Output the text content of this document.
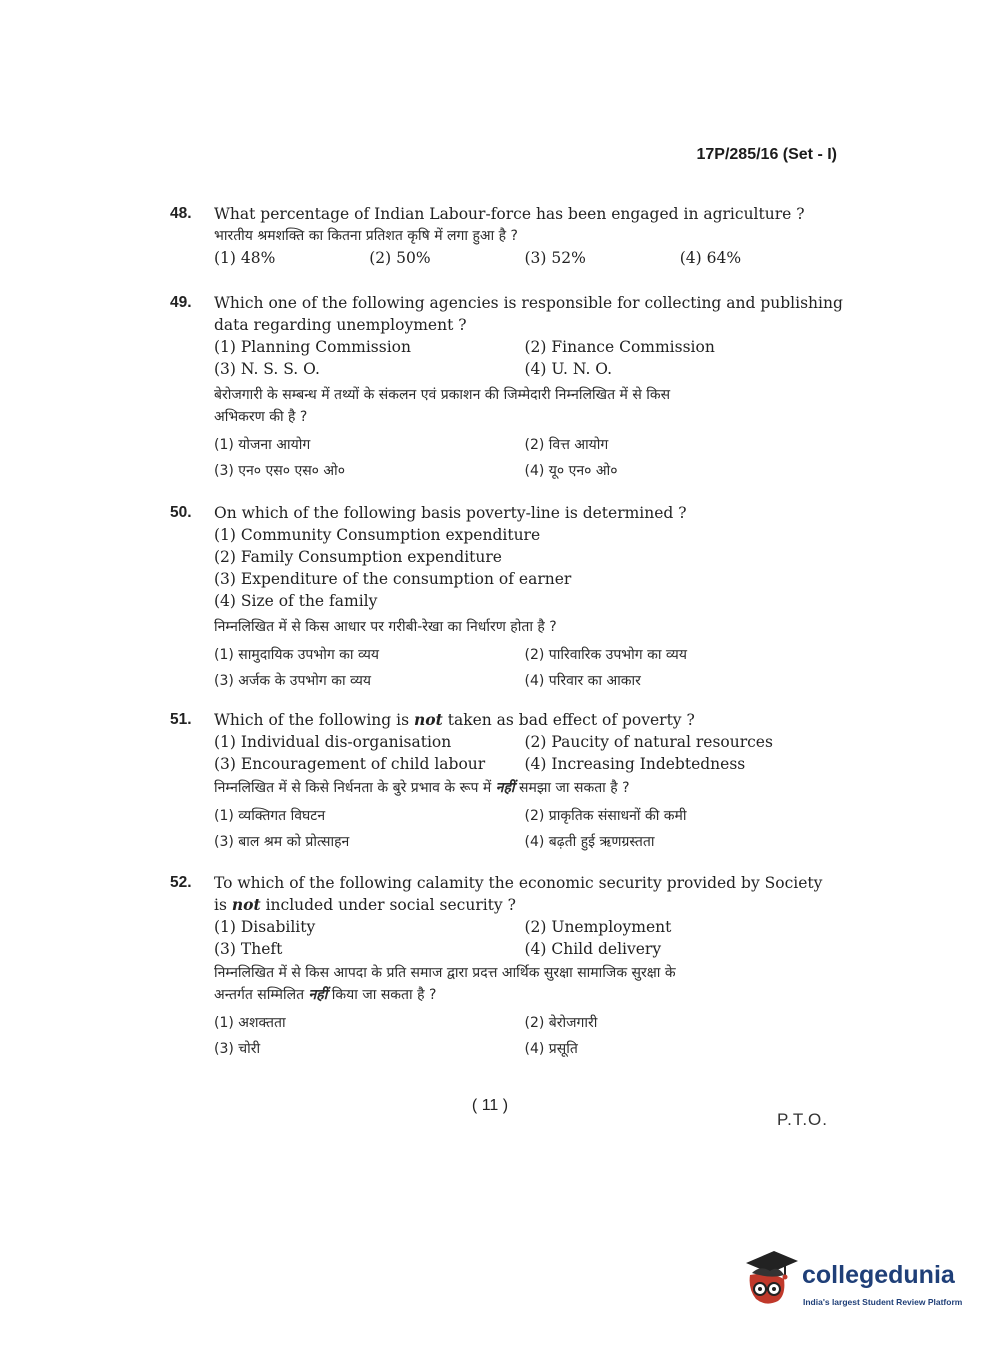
17P/285/16 (Set - I)
48.	What percentage of Indian Labour-force has been engaged in agriculture ?
भारतीय श्रमशक्ति का कितना प्रतिशत कृषि में लगा हुआ है ?
(1) 48%	(2) 50%	(3) 52%	(4) 64%
49.	Which one of the following agencies is responsible for collecting and publishing
data regarding unemployment ?
(1) Planning Commission	(2) Finance Commission
(3) N. S. S. O.	(4) U. N. O.
बेरोजगारी के सम्बन्ध में तथ्यों के संकलन एवं प्रकाशन की जिम्मेदारी निम्नलिखित में से किस
अभिकरण की है ?
(1) योजना आयोग	(2) वित्त आयोग
(3) एन० एस० एस० ओ०	(4) यू० एन० ओ०
50.	On which of the following basis poverty-line is determined ?
(1) Community Consumption expenditure
(2) Family Consumption expenditure
(3) Expenditure of the consumption of earner
(4) Size of the family
निम्नलिखित में से किस आधार पर गरीबी-रेखा का निर्धारण होता है ?
(1) सामुदायिक उपभोग का व्यय	(2) पारिवारिक उपभोग का व्यय
(3) अर्जक के उपभोग का व्यय	(4) परिवार का आकार
51.	Which of the following is not taken as bad effect of poverty ?
(1) Individual dis-organisation	(2) Paucity of natural resources
(3) Encouragement of child labour	(4) Increasing Indebtedness
निम्नलिखित में से किसे निर्धनता के बुरे प्रभाव के रूप में नहीं समझा जा सकता है ?
(1) व्यक्तिगत विघटन	(2) प्राकृतिक संसाधनों की कमी
(3) बाल श्रम को प्रोत्साहन	(4) बढ़ती हुई ऋणग्रस्तता
52.	To which of the following calamity the economic security provided by Society
is not included under social security ?
(1) Disability	(2) Unemployment
(3) Theft	(4) Child delivery
निम्नलिखित में से किस आपदा के प्रति समाज द्वारा प्रदत्त आर्थिक सुरक्षा सामाजिक सुरक्षा के
अन्तर्गत सम्मिलित नहीं किया जा सकता है ?
(1) अशक्तता	(2) बेरोजगारी
(3) चोरी	(4) प्रसूति
( 11 )
P.T.O.
collegedunia
India's largest Student Review Platform
